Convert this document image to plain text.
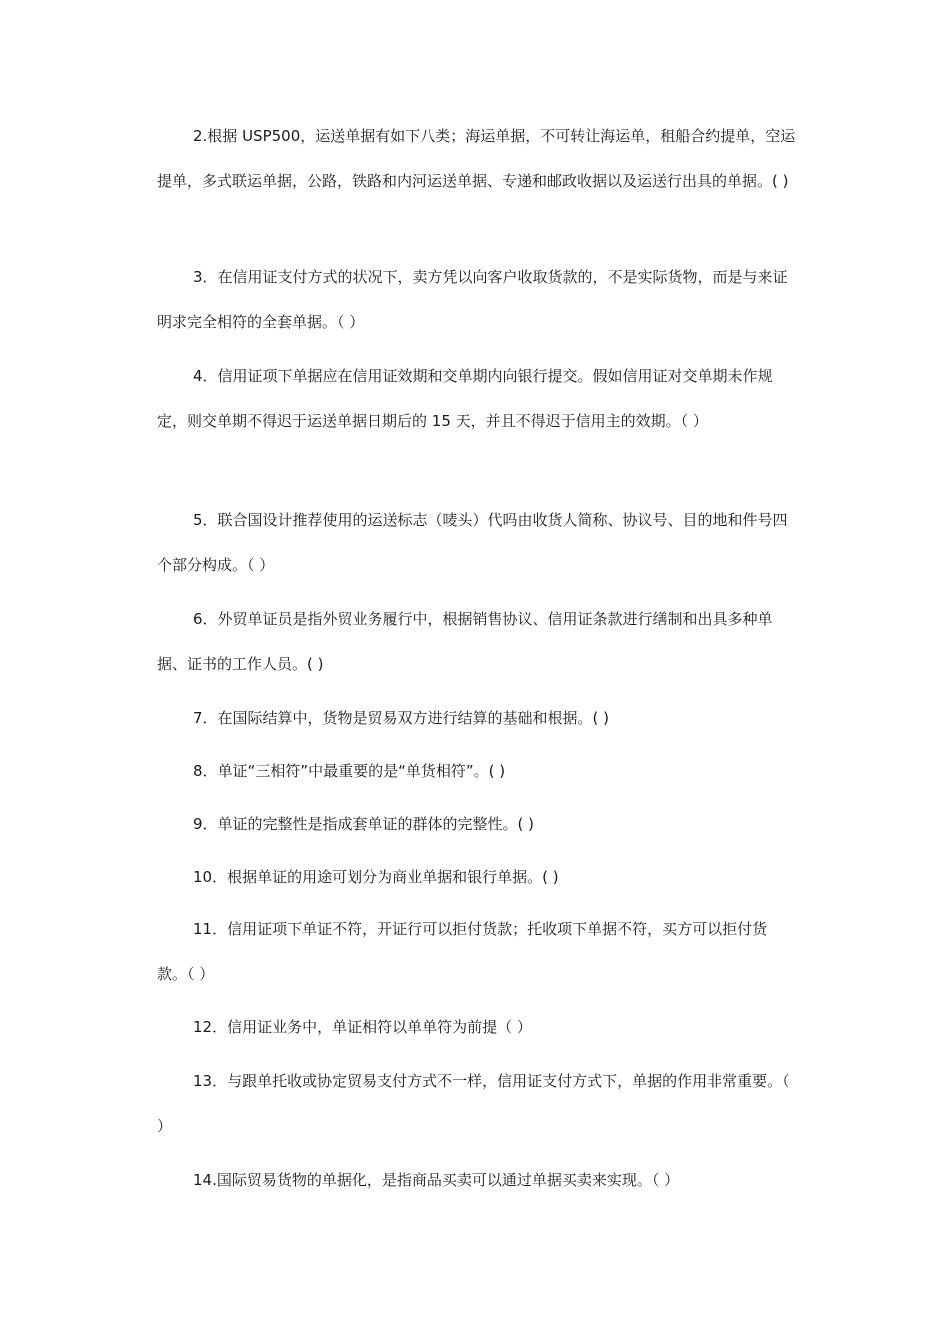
2.根据 USP500，运送单据有如下八类；海运单据，不可转让海运单，租船合约提单，空运提单，多式联运单据，公路，铁路和内河运送单据、专递和邮政收据以及运送行出具的单据。( )

3．在信用证支付方式的状况下，卖方凭以向客户收取货款的，不是实际货物，而是与来证明求完全相符的全套单据。（ ）

4．信用证项下单据应在信用证效期和交单期内向银行提交。假如信用证对交单期未作规定，则交单期不得迟于运送单据日期后的 15 天，并且不得迟于信用主的效期。（ ）

5．联合国设计推荐使用的运送标志（唛头）代吗由收货人简称、协议号、目的地和件号四个部分构成。（ ）

6．外贸单证员是指外贸业务履行中，根据销售协议、信用证条款进行缮制和出具多种单据、证书的工作人员。( )

7．在国际结算中，货物是贸易双方进行结算的基础和根据。( )

8．单证“三相符”中最重要的是“单货相符”。( )

9．单证的完整性是指成套单证的群体的完整性。( )

10．根据单证的用途可划分为商业单据和银行单据。( )

11．信用证项下单证不符，开证行可以拒付货款；托收项下单据不符，买方可以拒付货款。（ ）

12．信用证业务中，单证相符以单单符为前提（ ）

13．与跟单托收或协定贸易支付方式不一样，信用证支付方式下，单据的作用非常重要。（ ）

14.国际贸易货物的单据化，是指商品买卖可以通过单据买卖来实现。（ ）
